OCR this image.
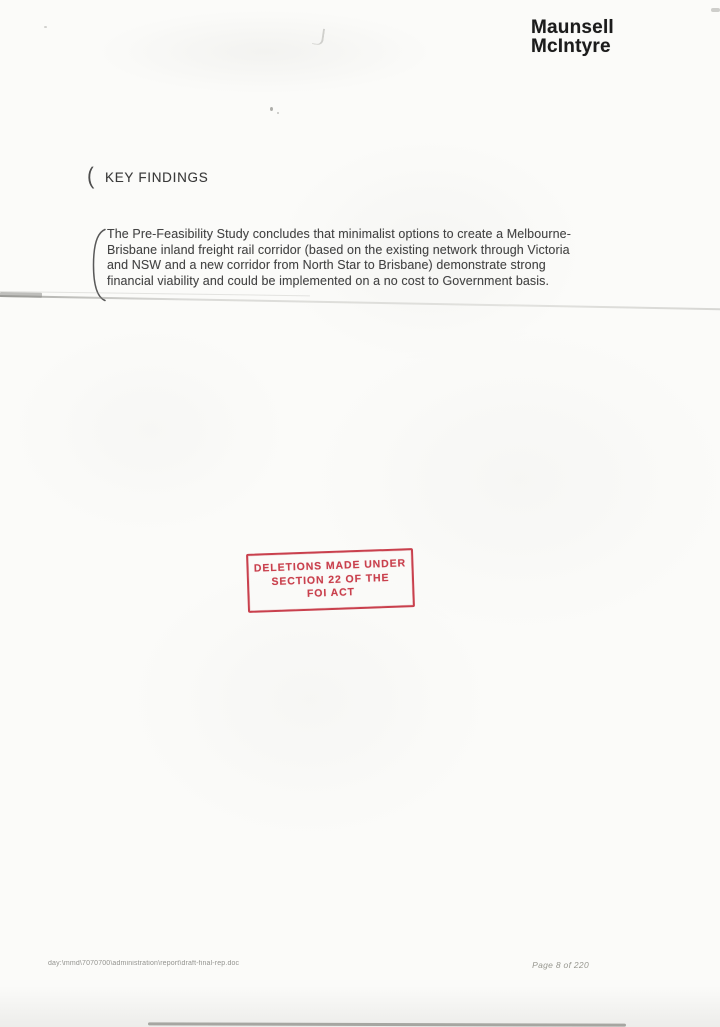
Maunsell
McIntyre
( KEY FINDINGS
The Pre-Feasibility Study concludes that minimalist options to create a Melbourne-
Brisbane inland freight rail corridor (based on the existing network through Victoria
and NSW and a new corridor from North Star to Brisbane) demonstrate strong
financial viability and could be implemented on a no cost to Government basis.
DELETIONS MADE UNDER
SECTION 22 OF THE
FOI ACT
day:\mmd\7070700\administration\report\draft-final-rep.doc	Page 8 of 220
